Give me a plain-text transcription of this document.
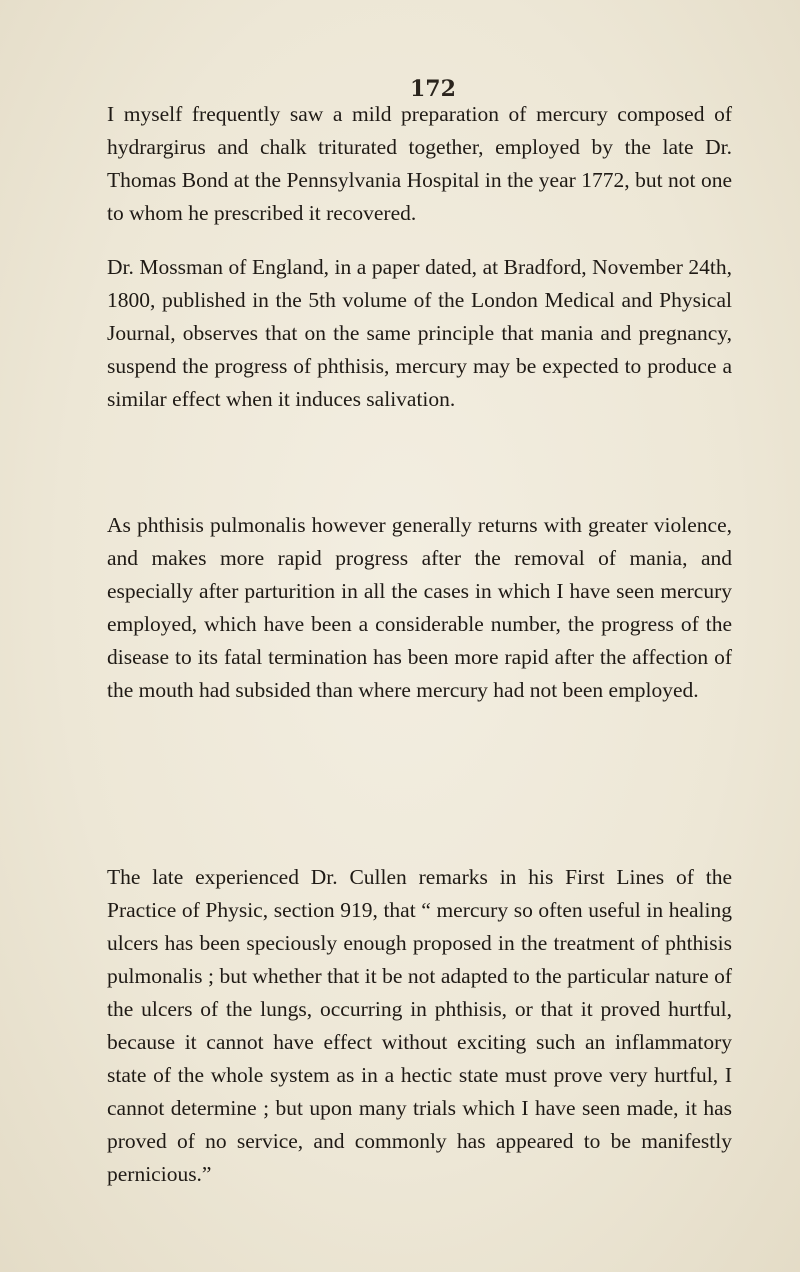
172

I myself frequently saw a mild preparation of mercury composed of hydrargirus and chalk triturated together, employed by the late Dr. Thomas Bond at the Pennsylvania Hospital in the year 1772, but not one to whom he prescribed it recovered.

Dr. Mossman of England, in a paper dated, at Bradford, November 24th, 1800, published in the 5th volume of the London Medical and Physical Journal, observes that on the same principle that mania and pregnancy, suspend the progress of phthisis, mercury may be expected to produce a similar effect when it induces salivation.

As phthisis pulmonalis however generally returns with greater violence, and makes more rapid progress after the removal of mania, and especially after parturition in all the cases in which I have seen mercury employed, which have been a considerable number, the progress of the disease to its fatal termination has been more rapid after the affection of the mouth had subsided than where mercury had not been employed.

The late experienced Dr. Cullen remarks in his First Lines of the Practice of Physic, section 919, that “ mercury so often useful in healing ulcers has been speciously enough proposed in the treatment of phthisis pulmonalis ; but whether that it be not adapted to the particular nature of the ulcers of the lungs, occurring in phthisis, or that it proved hurtful, because it cannot have effect without exciting such an inflammatory state of the whole system as in a hectic state must prove very hurtful, I cannot determine ; but upon many trials which I have seen made, it has proved of no service, and commonly has appeared to be manifestly pernicious.”
